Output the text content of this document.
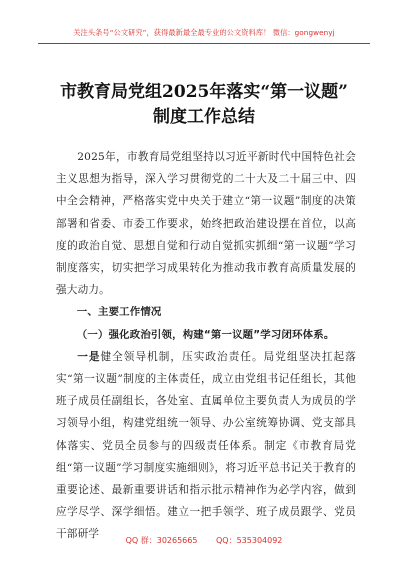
关注头条号“公文研究”，获得最新最全最专业的公文资料库！ 微信：gongwenyj
市教育局党组2025年落实“第一议题”
制度工作总结

2025年，市教育局党组坚持以习近平新时代中国特色社会主义思想为指导，深入学习贯彻党的二十大及二十届三中、四中全会精神，严格落实党中央关于建立“第一议题”制度的决策部署和省委、市委工作要求，始终把政治建设摆在首位，以高度的政治自觉、思想自觉和行动自觉抓实抓细“第一议题”学习制度落实，切实把学习成果转化为推动我市教育高质量发展的强大动力。

一、主要工作情况

（一）强化政治引领，构建“第一议题”学习闭环体系。

一是健全领导机制，压实政治责任。局党组坚决扛起落实“第一议题”制度的主体责任，成立由党组书记任组长，其他班子成员任副组长，各处室、直属单位主要负责人为成员的学习领导小组，构建党组统一领导、办公室统筹协调、党支部具体落实、党员全员参与的四级责任体系。制定《市教育局党组“第一议题”学习制度实施细则》，将习近平总书记关于教育的重要论述、最新重要讲话和指示批示精神作为必学内容，做到应学尽学、深学细悟。建立一把手领学、班子成员跟学、党员干部研学

QQ 群：30265665 QQ：535304092
